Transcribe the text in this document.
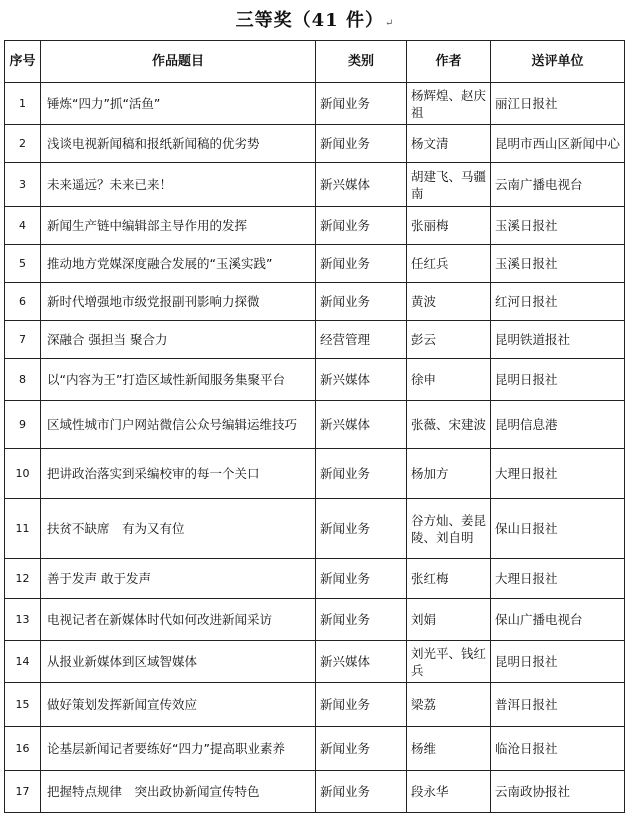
三等奖（41 件）↵
序号	作品题目	类别	作者	送评单位
1	锤炼“四力”抓“活鱼”	新闻业务	杨辉煌、赵庆祖	丽江日报社
2	浅谈电视新闻稿和报纸新闻稿的优劣势	新闻业务	杨文清	昆明市西山区新闻中心
3	未来遥远？未来已来！	新兴媒体	胡建飞、马疆南	云南广播电视台
4	新闻生产链中编辑部主导作用的发挥	新闻业务	张丽梅	玉溪日报社
5	推动地方党媒深度融合发展的“玉溪实践”	新闻业务	任红兵	玉溪日报社
6	新时代增强地市级党报副刊影响力探微	新闻业务	黄波	红河日报社
7	深融合 强担当 聚合力	经营管理	彭云	昆明铁道报社
8	以“内容为王”打造区域性新闻服务集聚平台	新兴媒体	徐申	昆明日报社
9	区域性城市门户网站微信公众号编辑运维技巧	新兴媒体	张薇、宋建波	昆明信息港
10	把讲政治落实到采编校审的每一个关口	新闻业务	杨加方	大理日报社
11	扶贫不缺席　有为又有位	新闻业务	谷方灿、姜昆陵、刘自明	保山日报社
12	善于发声 敢于发声	新闻业务	张红梅	大理日报社
13	电视记者在新媒体时代如何改进新闻采访	新闻业务	刘娟	保山广播电视台
14	从报业新媒体到区域智媒体	新兴媒体	刘光平、钱红兵	昆明日报社
15	做好策划发挥新闻宣传效应	新闻业务	梁荔	普洱日报社
16	论基层新闻记者要练好“四力”提高职业素养	新闻业务	杨维	临沧日报社
17	把握特点规律　突出政协新闻宣传特色	新闻业务	段永华	云南政协报社
